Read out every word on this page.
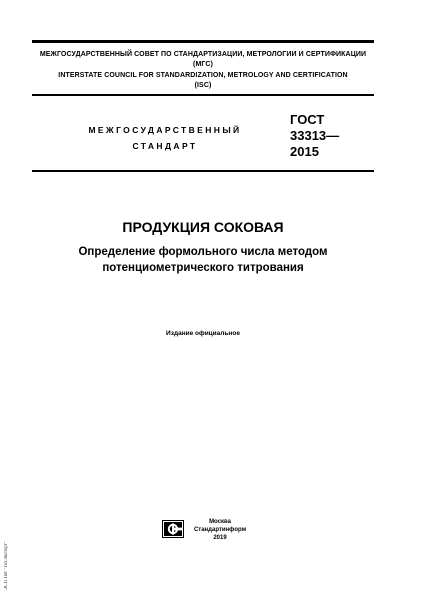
МЕЖГОСУДАРСТВЕННЫЙ СОВЕТ ПО СТАНДАРТИЗАЦИИ, МЕТРОЛОГИИ И СЕРТИФИКАЦИИ
(МГС)
INTERSTATE COUNCIL FOR STANDARDIZATION, METROLOGY AND CERTIFICATION
(ISC)
МЕЖГОСУДАРСТВЕННЫЙ
СТАНДАРТ
ГОСТ
33313—
2015
ПРОДУКЦИЯ СОКОВАЯ
Определение формольного числа методом
потенциометрического титрования
Издание официальное
Москва
Стандартинформ
2019
ЭСП ПИ "ТехЭксперт"
